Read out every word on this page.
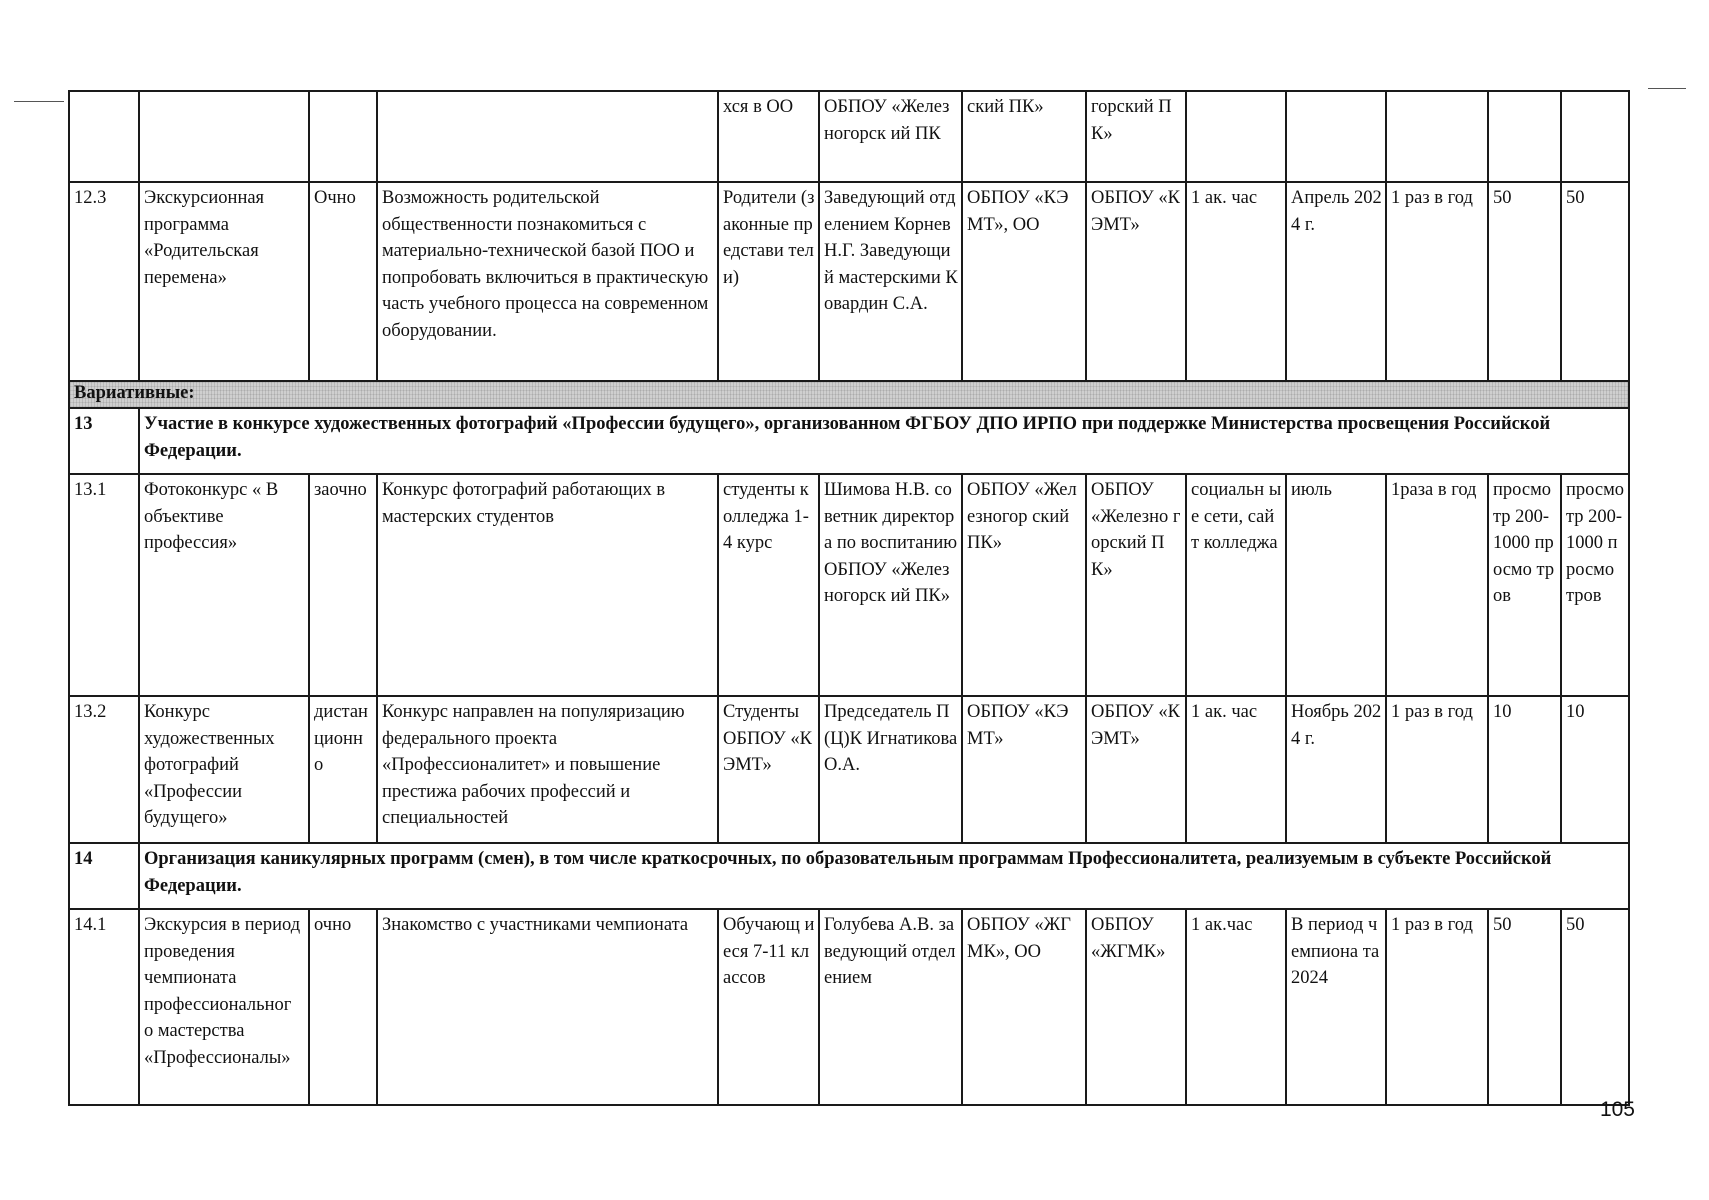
				хся в ОО	ОБПОУ «Железногорск ий ПК	ский ПК»	горский ПК»					
12.3	Экскурсионная программа «Родительская перемена»	Очно	Возможность родительской общественности познакомиться с материально-технической базой ПОО и попробовать включиться в практическую часть учебного процесса на современном оборудовании.	Родители (законные представи тели)	Заведующий отделением Корнев Н.Г. Заведующий мастерскими Ковардин С.А.	ОБПОУ «КЭМТ», ОО	ОБПОУ «КЭМТ»	1 ак. час	Апрель 2024 г.	1 раз в год	50	50
Вариативные:												
13	Участие в конкурсе художественных фотографий «Профессии будущего», организованном ФГБОУ ДПО ИРПО при поддержке Министерства просвещения Российской Федерации.											
13.1	Фотоконкурс « В объективе профессия»	заочно	Конкурс фотографий работающих в мастерских студентов	студенты колледжа 1-4 курс	Шимова Н.В. советник директора по воспитанию ОБПОУ «Железногорск ий ПК»	ОБПОУ «Железногор ский ПК»	ОБПОУ «Железно горский ПК»	социальн ые сети, сайт колледжа	июль	1раза в год	просмо тр 200-1000 просмо тров	просмо тр 200-1000 просмо тров
13.2	Конкурс художественных фотографий «Профессии будущего»	дистан ционн о	Конкурс направлен на популяризацию федерального проекта «Профессионалитет» и повышение престижа рабочих профессий и специальностей	Студенты ОБПОУ «КЭМТ»	Председатель П(Ц)К Игнатикова О.А.	ОБПОУ «КЭМТ»	ОБПОУ «КЭМТ»	1 ак. час	Ноябрь 2024 г.	1 раз в год	10	10
14	Организация каникулярных программ (смен), в том числе краткосрочных, по образовательным программам Профессионалитета, реализуемым в субъекте Российской Федерации.											
14.1	Экскурсия в период проведения чемпионата профессиональног о мастерства «Профессионалы»	очно	Знакомство с участниками чемпионата	Обучающ иеся 7-11 классов	Голубева А.В. заведующий отделением	ОБПОУ «ЖГМК», ОО	ОБПОУ «ЖГМК»	1 ак.час	В период чемпиона та 2024	1 раз в год	50	50
105
